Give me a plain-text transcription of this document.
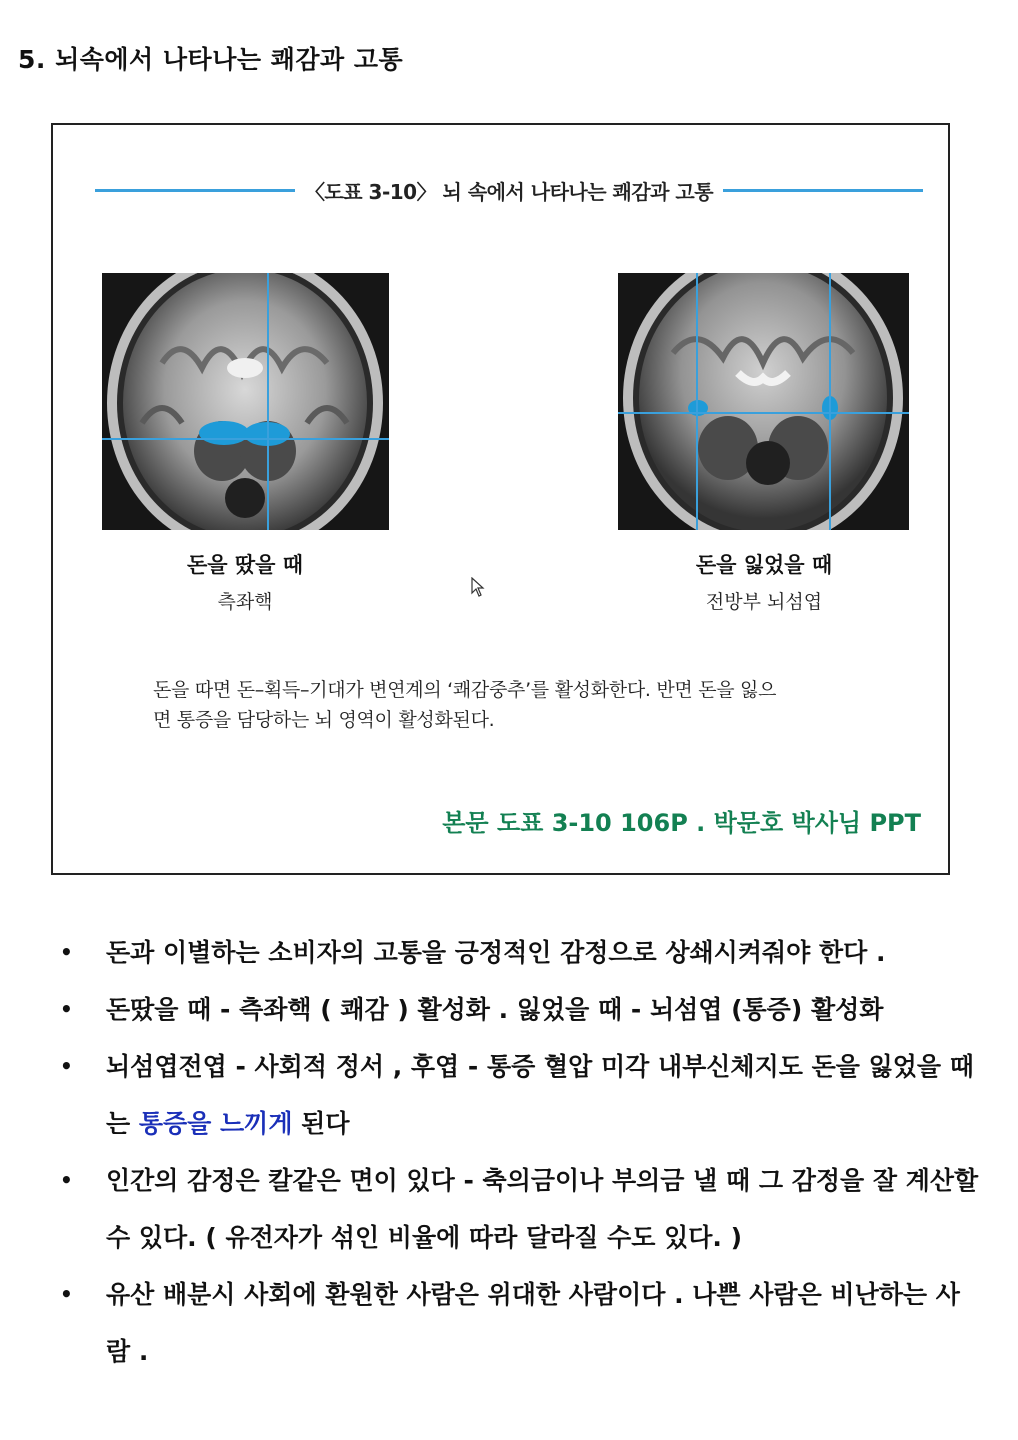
5. 뇌속에서 나타나는 쾌감과 고통
〈도표 3-10〉 뇌 속에서 나타나는 쾌감과 고통
돈을 땄을 때
측좌핵
돈을 잃었을 때
전방부 뇌섬엽
돈을 따면 돈–획득–기대가 변연계의 ‘쾌감중추’를 활성화한다. 반면 돈을 잃으
면 통증을 담당하는 뇌 영역이 활성화된다.
본문 도표 3-10 106P . 박문호 박사님 PPT
• 돈과 이별하는 소비자의 고통을 긍정적인 감정으로 상쇄시켜줘야 한다 .
• 돈땄을 때 - 측좌핵 ( 쾌감 ) 활성화 . 잃었을 때 - 뇌섬엽 (통증) 활성화
• 뇌섬엽전엽 - 사회적 정서 , 후엽 - 통증 혈압 미각 내부신체지도 돈을 잃었을 때는 통증을 느끼게 된다
• 인간의 감정은 칼같은 면이 있다 - 축의금이나 부의금 낼 때 그 감정을 잘 계산할 수 있다. ( 유전자가 섞인 비율에 따라 달라질 수도 있다. )
• 유산 배분시 사회에 환원한 사람은 위대한 사람이다 . 나쁜 사람은 비난하는 사람 .
